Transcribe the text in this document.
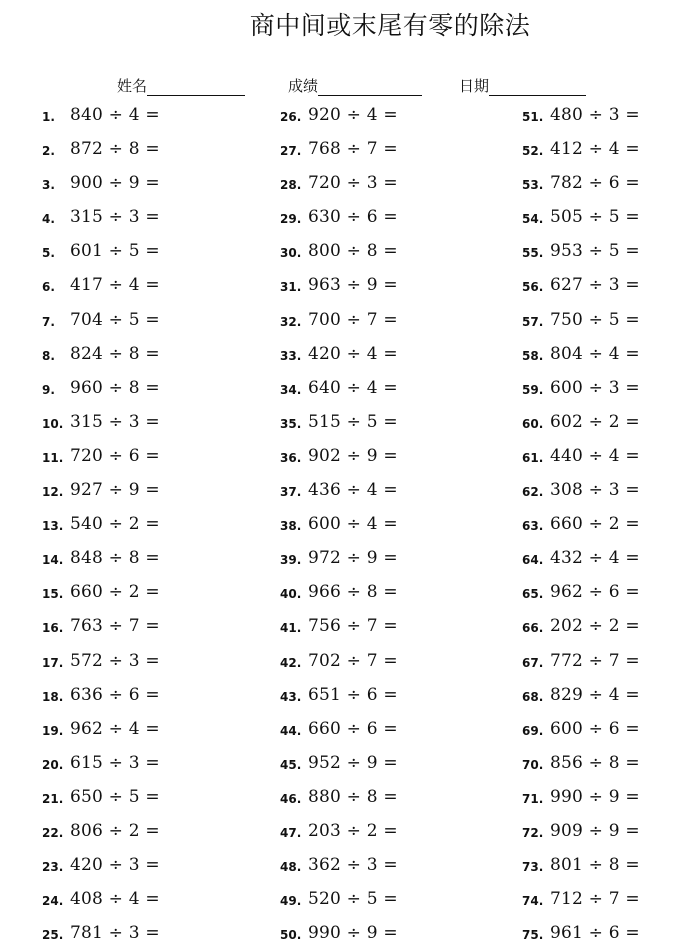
商中间或末尾有零的除法
姓名	成绩	日期
1. 840 ÷ 4 =
2. 872 ÷ 8 =
3. 900 ÷ 9 =
4. 315 ÷ 3 =
5. 601 ÷ 5 =
6. 417 ÷ 4 =
7. 704 ÷ 5 =
8. 824 ÷ 8 =
9. 960 ÷ 8 =
10. 315 ÷ 3 =
11. 720 ÷ 6 =
12. 927 ÷ 9 =
13. 540 ÷ 2 =
14. 848 ÷ 8 =
15. 660 ÷ 2 =
16. 763 ÷ 7 =
17. 572 ÷ 3 =
18. 636 ÷ 6 =
19. 962 ÷ 4 =
20. 615 ÷ 3 =
21. 650 ÷ 5 =
22. 806 ÷ 2 =
23. 420 ÷ 3 =
24. 408 ÷ 4 =
25. 781 ÷ 3 =
26. 920 ÷ 4 =
27. 768 ÷ 7 =
28. 720 ÷ 3 =
29. 630 ÷ 6 =
30. 800 ÷ 8 =
31. 963 ÷ 9 =
32. 700 ÷ 7 =
33. 420 ÷ 4 =
34. 640 ÷ 4 =
35. 515 ÷ 5 =
36. 902 ÷ 9 =
37. 436 ÷ 4 =
38. 600 ÷ 4 =
39. 972 ÷ 9 =
40. 966 ÷ 8 =
41. 756 ÷ 7 =
42. 702 ÷ 7 =
43. 651 ÷ 6 =
44. 660 ÷ 6 =
45. 952 ÷ 9 =
46. 880 ÷ 8 =
47. 203 ÷ 2 =
48. 362 ÷ 3 =
49. 520 ÷ 5 =
50. 990 ÷ 9 =
51. 480 ÷ 3 =
52. 412 ÷ 4 =
53. 782 ÷ 6 =
54. 505 ÷ 5 =
55. 953 ÷ 5 =
56. 627 ÷ 3 =
57. 750 ÷ 5 =
58. 804 ÷ 4 =
59. 600 ÷ 3 =
60. 602 ÷ 2 =
61. 440 ÷ 4 =
62. 308 ÷ 3 =
63. 660 ÷ 2 =
64. 432 ÷ 4 =
65. 962 ÷ 6 =
66. 202 ÷ 2 =
67. 772 ÷ 7 =
68. 829 ÷ 4 =
69. 600 ÷ 6 =
70. 856 ÷ 8 =
71. 990 ÷ 9 =
72. 909 ÷ 9 =
73. 801 ÷ 8 =
74. 712 ÷ 7 =
75. 961 ÷ 6 =
